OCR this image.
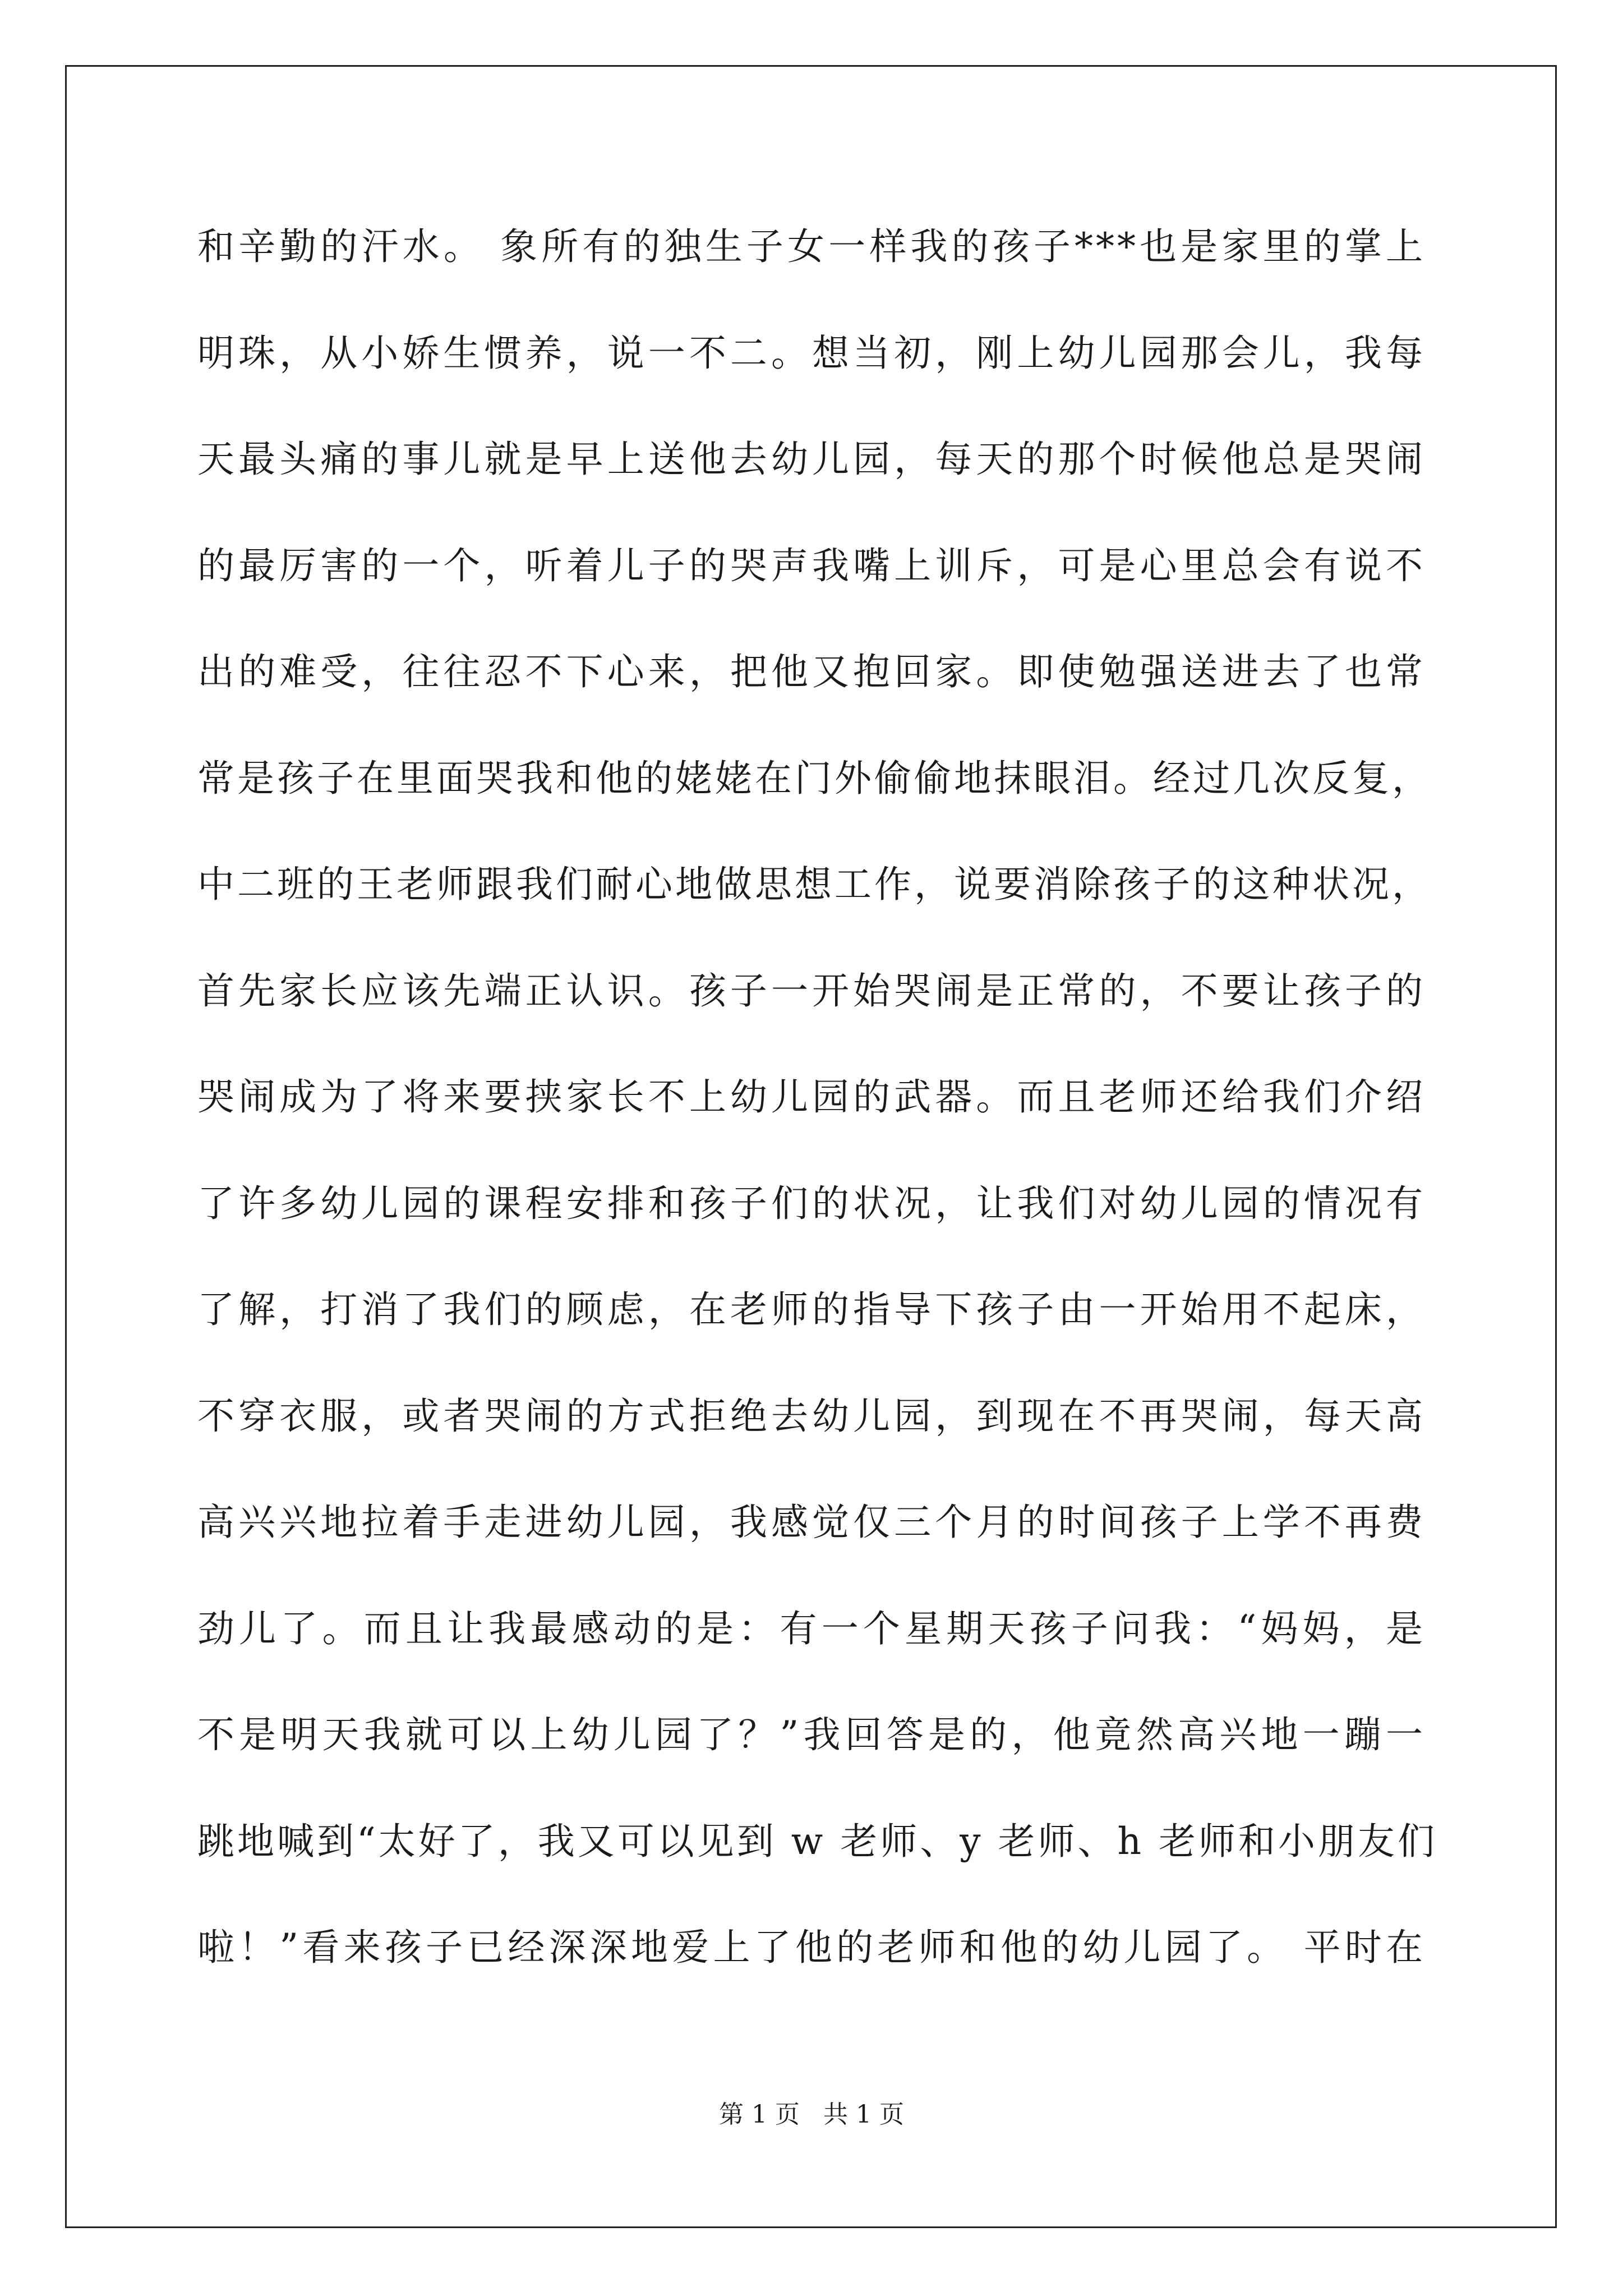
和辛勤的汗水。 象所有的独生子女一样我的孩子***也是家里的掌上
明珠，从小娇生惯养，说一不二。想当初，刚上幼儿园那会儿，我每
天最头痛的事儿就是早上送他去幼儿园，每天的那个时候他总是哭闹
的最厉害的一个，听着儿子的哭声我嘴上训斥，可是心里总会有说不
出的难受，往往忍不下心来，把他又抱回家。即使勉强送进去了也常
常是孩子在里面哭我和他的姥姥在门外偷偷地抹眼泪。经过几次反复，
中二班的王老师跟我们耐心地做思想工作，说要消除孩子的这种状况，
首先家长应该先端正认识。孩子一开始哭闹是正常的，不要让孩子的
哭闹成为了将来要挟家长不上幼儿园的武器。而且老师还给我们介绍
了许多幼儿园的课程安排和孩子们的状况，让我们对幼儿园的情况有
了解，打消了我们的顾虑，在老师的指导下孩子由一开始用不起床，
不穿衣服，或者哭闹的方式拒绝去幼儿园，到现在不再哭闹，每天高
高兴兴地拉着手走进幼儿园，我感觉仅三个月的时间孩子上学不再费
劲儿了。而且让我最感动的是：有一个星期天孩子问我：“妈妈，是
不是明天我就可以上幼儿园了？”我回答是的，他竟然高兴地一蹦一
跳地喊到“太好了，我又可以见到 w 老师、y 老师、h 老师和小朋友们
啦！”看来孩子已经深深地爱上了他的老师和他的幼儿园了。 平时在
第 1 页   共 1 页
